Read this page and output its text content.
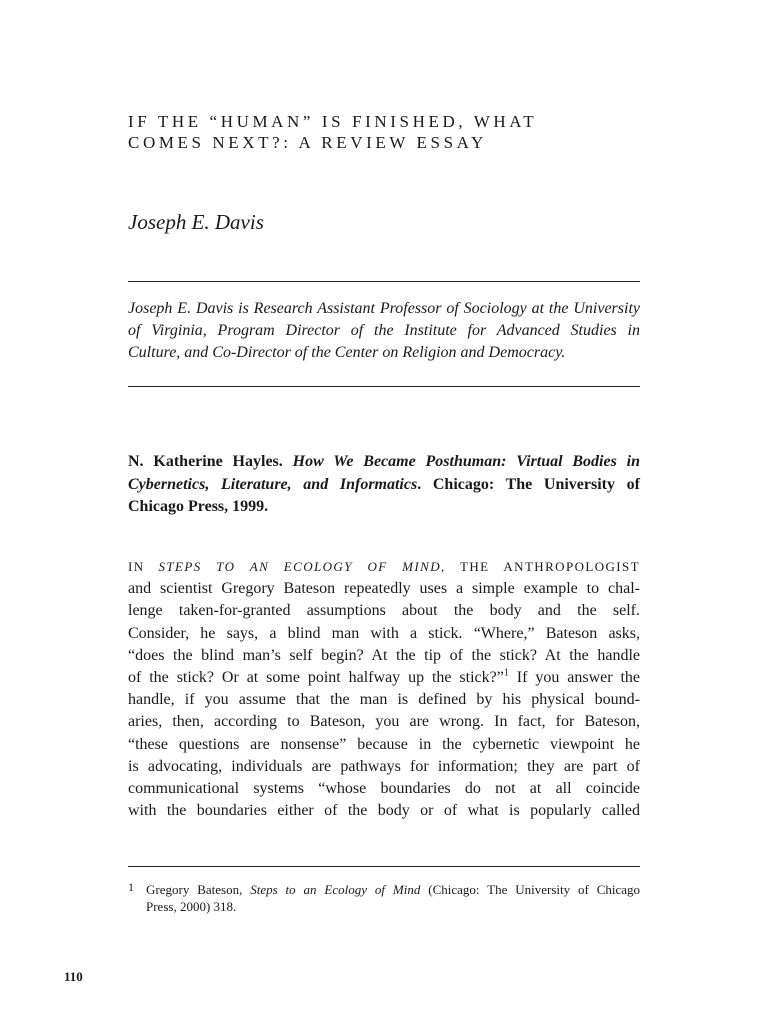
IF THE “HUMAN” IS FINISHED, WHAT
COMES NEXT?: A REVIEW ESSAY
Joseph E. Davis
Joseph E. Davis is Research Assistant Professor of Sociology at the University
of Virginia, Program Director of the Institute for Advanced Studies in
Culture, and Co-Director of the Center on Religion and Democracy.
N. Katherine Hayles. How We Became Posthuman: Virtual Bodies in
Cybernetics, Literature, and Informatics. Chicago: The University of
Chicago Press, 1999.
IN STEPS TO AN ECOLOGY OF MIND, THE ANTHROPOLOGIST
and scientist Gregory Bateson repeatedly uses a simple example to chal-
lenge taken-for-granted assumptions about the body and the self.
Consider, he says, a blind man with a stick. “Where,” Bateson asks,
“does the blind man’s self begin? At the tip of the stick? At the handle
of the stick? Or at some point halfway up the stick?”$^1$ If you answer the
handle, if you assume that the man is defined by his physical bound-
aries, then, according to Bateson, you are wrong. In fact, for Bateson,
“these questions are nonsense” because in the cybernetic viewpoint he
is advocating, individuals are pathways for information; they are part of
communicational systems “whose boundaries do not at all coincide
with the boundaries either of the body or of what is popularly called
1 Gregory Bateson, Steps to an Ecology of Mind (Chicago: The University of Chicago
Press, 2000) 318.
110
